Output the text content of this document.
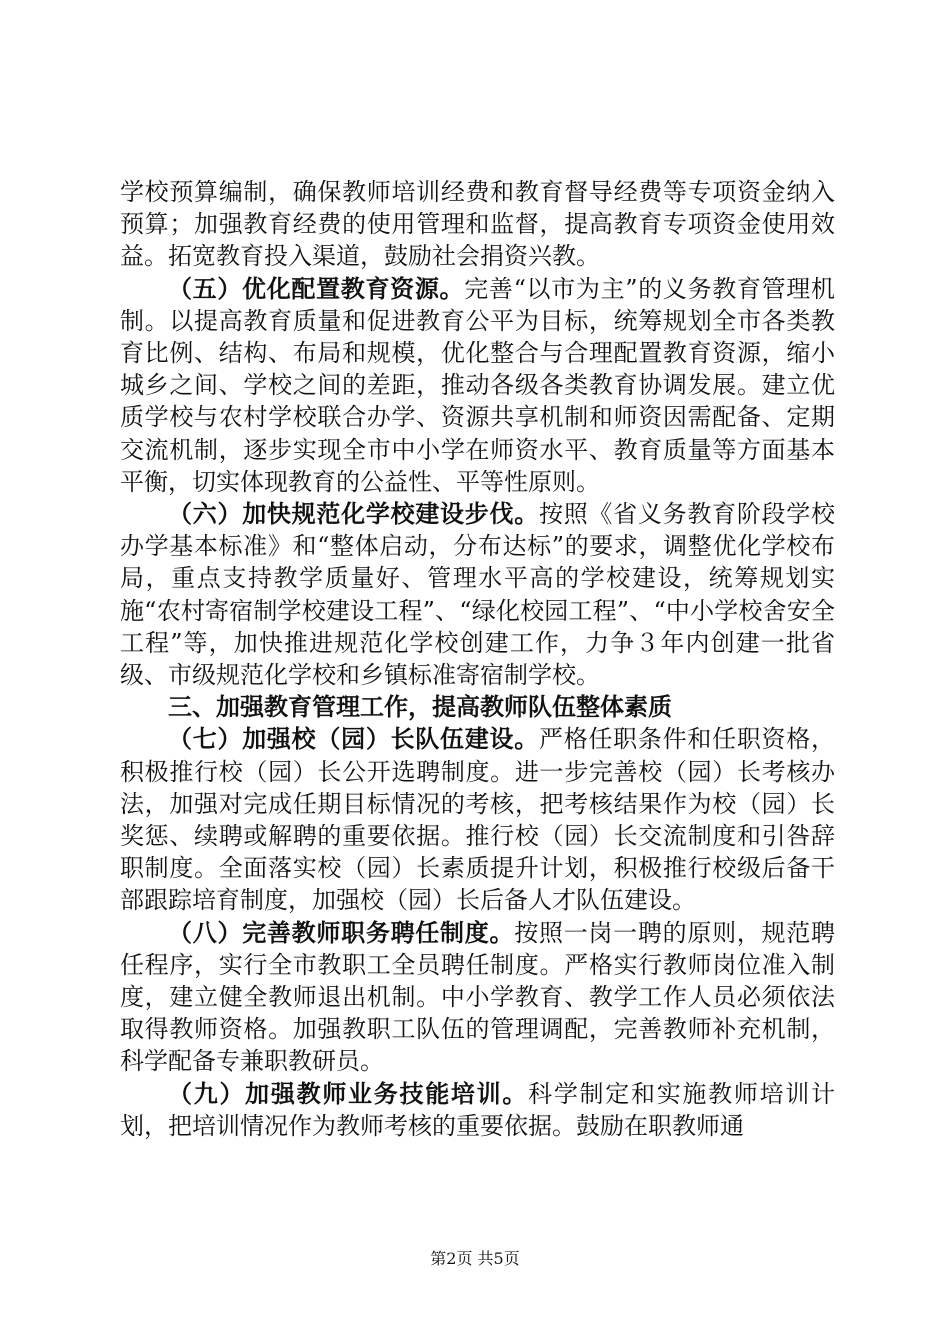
学校预算编制，确保教师培训经费和教育督导经费等专项资金纳入预算；加强教育经费的使用管理和监督，提高教育专项资金使用效益。拓宽教育投入渠道，鼓励社会捐资兴教。

（五）优化配置教育资源。完善“以市为主”的义务教育管理机制。以提高教育质量和促进教育公平为目标，统筹规划全市各类教育比例、结构、布局和规模，优化整合与合理配置教育资源，缩小城乡之间、学校之间的差距，推动各级各类教育协调发展。建立优质学校与农村学校联合办学、资源共享机制和师资因需配备、定期交流机制，逐步实现全市中小学在师资水平、教育质量等方面基本平衡，切实体现教育的公益性、平等性原则。

（六）加快规范化学校建设步伐。按照《省义务教育阶段学校办学基本标准》和“整体启动，分布达标”的要求，调整优化学校布局，重点支持教学质量好、管理水平高的学校建设，统筹规划实施“农村寄宿制学校建设工程”、“绿化校园工程”、“中小学校舍安全工程”等，加快推进规范化学校创建工作，力争３年内创建一批省级、市级规范化学校和乡镇标准寄宿制学校。

三、加强教育管理工作，提高教师队伍整体素质

（七）加强校（园）长队伍建设。严格任职条件和任职资格，积极推行校（园）长公开选聘制度。进一步完善校（园）长考核办法，加强对完成任期目标情况的考核，把考核结果作为校（园）长奖惩、续聘或解聘的重要依据。推行校（园）长交流制度和引咎辞职制度。全面落实校（园）长素质提升计划，积极推行校级后备干部跟踪培育制度，加强校（园）长后备人才队伍建设。

（八）完善教师职务聘任制度。按照一岗一聘的原则，规范聘任程序，实行全市教职工全员聘任制度。严格实行教师岗位准入制度，建立健全教师退出机制。中小学教育、教学工作人员必须依法取得教师资格。加强教职工队伍的管理调配，完善教师补充机制，科学配备专兼职教研员。

（九）加强教师业务技能培训。科学制定和实施教师培训计划，把培训情况作为教师考核的重要依据。鼓励在职教师通

第2页 共5页
